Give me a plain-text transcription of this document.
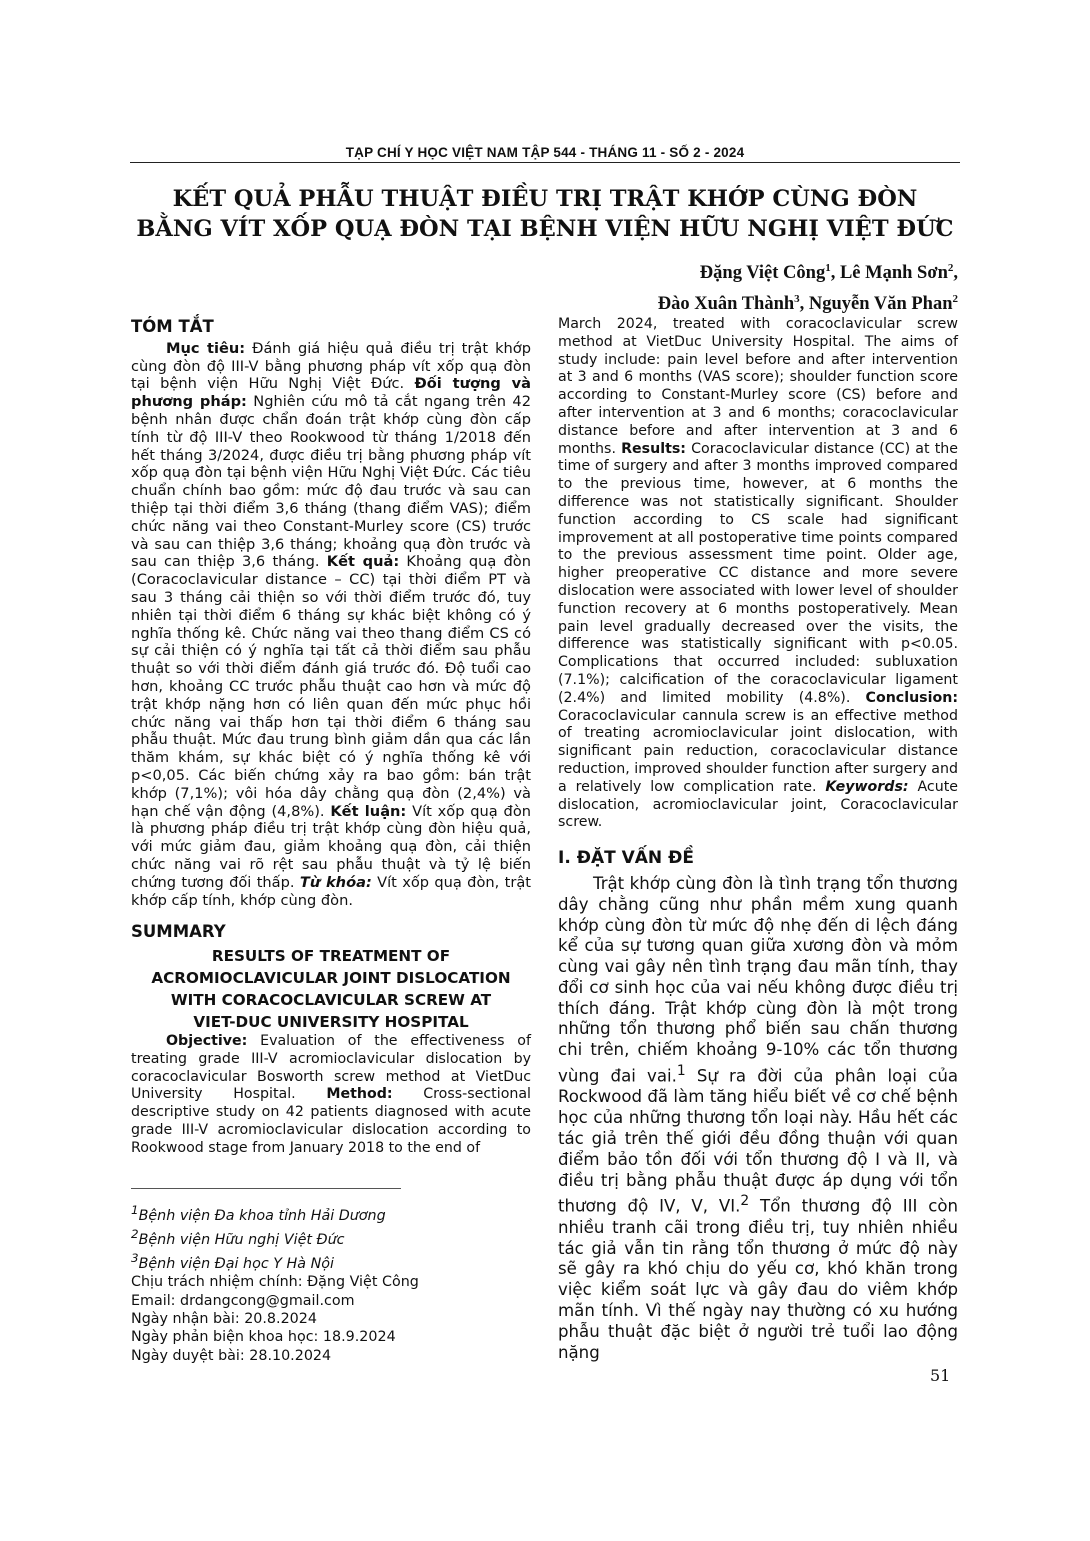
TẠP CHÍ Y HỌC VIỆT NAM TẬP 544 - THÁNG 11 - SỐ 2 - 2024
KẾT QUẢ PHẪU THUẬT ĐIỀU TRỊ TRẬT KHỚP CÙNG ĐÒN
BẰNG VÍT XỐP QUẠ ĐÒN TẠI BỆNH VIỆN HỮU NGHỊ VIỆT ĐỨC
Đặng Việt Công$^1$, Lê Mạnh Sơn$^2$,
Đào Xuân Thành$^3$, Nguyễn Văn Phan$^2$
TÓM TẮT

Mục tiêu: Đánh giá hiệu quả điều trị trật khớp cùng đòn độ III-V bằng phương pháp vít xốp quạ đòn tại bệnh viện Hữu Nghị Việt Đức. Đối tượng và phương pháp: Nghiên cứu mô tả cắt ngang trên 42 bệnh nhân được chẩn đoán trật khớp cùng đòn cấp tính từ độ III-V theo Rookwood từ tháng 1/2018 đến hết tháng 3/2024, được điều trị bằng phương pháp vít xốp quạ đòn tại bệnh viện Hữu Nghị Việt Đức. Các tiêu chuẩn chính bao gồm: mức độ đau trước và sau can thiệp tại thời điểm 3,6 tháng (thang điểm VAS); điểm chức năng vai theo Constant-Murley score (CS) trước và sau can thiệp 3,6 tháng; khoảng quạ đòn trước và sau can thiệp 3,6 tháng. Kết quả: Khoảng quạ đòn (Coracoclavicular distance – CC) tại thời điểm PT và sau 3 tháng cải thiện so với thời điểm trước đó, tuy nhiên tại thời điểm 6 tháng sự khác biệt không có ý nghĩa thống kê. Chức năng vai theo thang điểm CS có sự cải thiện có ý nghĩa tại tất cả thời điểm sau phẫu thuật so với thời điểm đánh giá trước đó. Độ tuổi cao hơn, khoảng CC trước phẫu thuật cao hơn và mức độ trật khớp nặng hơn có liên quan đến mức phục hồi chức năng vai thấp hơn tại thời điểm 6 tháng sau phẫu thuật. Mức đau trung bình giảm dần qua các lần thăm khám, sự khác biệt có ý nghĩa thống kê với p<0,05. Các biến chứng xảy ra bao gồm: bán trật khớp (7,1%); vôi hóa dây chằng quạ đòn (2,4%) và hạn chế vận động (4,8%). Kết luận: Vít xốp quạ đòn là phương pháp điều trị trật khớp cùng đòn hiệu quả, với mức giảm đau, giảm khoảng quạ đòn, cải thiện chức năng vai rõ rệt sau phẫu thuật và tỷ lệ biến chứng tương đối thấp. Từ khóa: Vít xốp quạ đòn, trật khớp cấp tính, khớp cùng đòn.

SUMMARY
RESULTS OF TREATMENT OF
ACROMIOCLAVICULAR JOINT DISLOCATION
WITH CORACOCLAVICULAR SCREW AT
VIET-DUC UNIVERSITY HOSPITAL

Objective: Evaluation of the effectiveness of treating grade III-V acromioclavicular dislocation by coracoclavicular Bosworth screw method at VietDuc University Hospital. Method: Cross-sectional descriptive study on 42 patients diagnosed with acute grade III-V acromioclavicular dislocation according to Rookwood stage from January 2018 to the end of

$^1$Bệnh viện Đa khoa tỉnh Hải Dương
$^2$Bệnh viện Hữu nghị Việt Đức
$^3$Bệnh viện Đại học Y Hà Nội
Chịu trách nhiệm chính: Đặng Việt Công
Email: drdangcong@gmail.com
Ngày nhận bài: 20.8.2024
Ngày phản biện khoa học: 18.9.2024
Ngày duyệt bài: 28.10.2024

March 2024, treated with coracoclavicular screw method at VietDuc University Hospital. The aims of study include: pain level before and after intervention at 3 and 6 months (VAS score); shoulder function score according to Constant-Murley score (CS) before and after intervention at 3 and 6 months; coracoclavicular distance before and after intervention at 3 and 6 months. Results: Coracoclavicular distance (CC) at the time of surgery and after 3 months improved compared to the previous time, however, at 6 months the difference was not statistically significant. Shoulder function according to CS scale had significant improvement at all postoperative time points compared to the previous assessment time point. Older age, higher preoperative CC distance and more severe dislocation were associated with lower level of shoulder function recovery at 6 months postoperatively. Mean pain level gradually decreased over the visits, the difference was statistically significant with p<0.05. Complications that occurred included: subluxation (7.1%); calcification of the coracoclavicular ligament (2.4%) and limited mobility (4.8%). Conclusion: Coracoclavicular cannula screw is an effective method of treating acromioclavicular joint dislocation, with significant pain reduction, coracoclavicular distance reduction, improved shoulder function after surgery and a relatively low complication rate. Keywords: Acute dislocation, acromioclavicular joint, Coracoclavicular screw.

I. ĐẶT VẤN ĐỀ

Trật khớp cùng đòn là tình trạng tổn thương dây chằng cũng như phần mềm xung quanh khớp cùng đòn từ mức độ nhẹ đến di lệch đáng kể của sự tương quan giữa xương đòn và mỏm cùng vai gây nên tình trạng đau mãn tính, thay đổi cơ sinh học của vai nếu không được điều trị thích đáng. Trật khớp cùng đòn là một trong những tổn thương phổ biến sau chấn thương chi trên, chiếm khoảng 9-10% các tổn thương vùng đai vai.$^1$ Sự ra đời của phân loại của Rockwood đã làm tăng hiểu biết về cơ chế bệnh học của những thương tổn loại này. Hầu hết các tác giả trên thế giới đều đồng thuận với quan điểm bảo tồn đối với tổn thương độ I và II, và điều trị bằng phẫu thuật được áp dụng với tổn thương độ IV, V, VI.$^2$ Tổn thương độ III còn nhiều tranh cãi trong điều trị, tuy nhiên nhiều tác giả vẫn tin rằng tổn thương ở mức độ này sẽ gây ra khó chịu do yếu cơ, khó khăn trong việc kiểm soát lực và gây đau do viêm khớp mãn tính. Vì thế ngày nay thường có xu hướng phẫu thuật đặc biệt ở người trẻ tuổi lao động nặng

51
